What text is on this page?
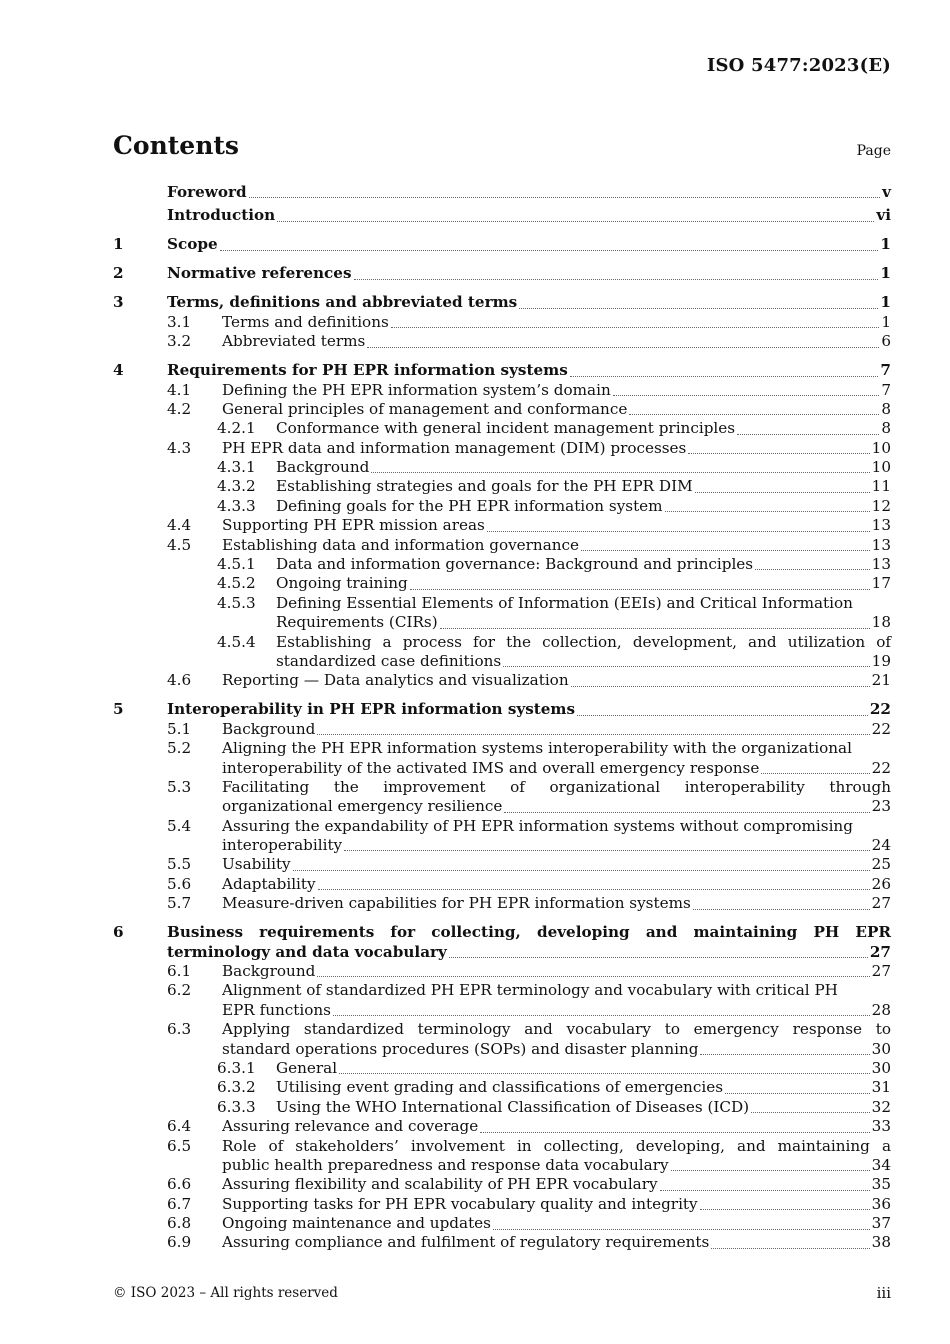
ISO 5477:2023(E)
Contents	Page
Foreword	v
Introduction	vi
1	Scope	1
2	Normative references	1
3	Terms, definitions and abbreviated terms	1
3.1 Terms and definitions	1
3.2 Abbreviated terms	6
4	Requirements for PH EPR information systems	7
4.1 Defining the PH EPR information system’s domain	7
4.2 General principles of management and conformance	8
4.2.1 Conformance with general incident management principles	8
4.3 PH EPR data and information management (DIM) processes	10
4.3.1 Background	10
4.3.2 Establishing strategies and goals for the PH EPR DIM	11
4.3.3 Defining goals for the PH EPR information system	12
4.4 Supporting PH EPR mission areas	13
4.5 Establishing data and information governance	13
4.5.1 Data and information governance: Background and principles	13
4.5.2 Ongoing training	17
4.5.3 Defining Essential Elements of Information (EEIs) and Critical Information
Requirements (CIRs)	18
4.5.4 Establishing a process for the collection, development, and utilization of
standardized case definitions	19
4.6 Reporting — Data analytics and visualization	21
5	Interoperability in PH EPR information systems	22
5.1 Background	22
5.2 Aligning the PH EPR information systems interoperability with the organizational
interoperability of the activated IMS and overall emergency response	22
5.3 Facilitating the improvement of organizational interoperability through
organizational emergency resilience	23
5.4 Assuring the expandability of PH EPR information systems without compromising
interoperability	24
5.5 Usability	25
5.6 Adaptability	26
5.7 Measure-driven capabilities for PH EPR information systems	27
6	Business requirements for collecting, developing and maintaining PH EPR
terminology and data vocabulary	27
6.1 Background	27
6.2 Alignment of standardized PH EPR terminology and vocabulary with critical PH
EPR functions	28
6.3 Applying standardized terminology and vocabulary to emergency response to
standard operations procedures (SOPs) and disaster planning	30
6.3.1 General	30
6.3.2 Utilising event grading and classifications of emergencies	31
6.3.3 Using the WHO International Classification of Diseases (ICD)	32
6.4 Assuring relevance and coverage	33
6.5 Role of stakeholders’ involvement in collecting, developing, and maintaining a
public health preparedness and response data vocabulary	34
6.6 Assuring flexibility and scalability of PH EPR vocabulary	35
6.7 Supporting tasks for PH EPR vocabulary quality and integrity	36
6.8 Ongoing maintenance and updates	37
6.9 Assuring compliance and fulfilment of regulatory requirements	38
© ISO 2023 – All rights reserved	iii
